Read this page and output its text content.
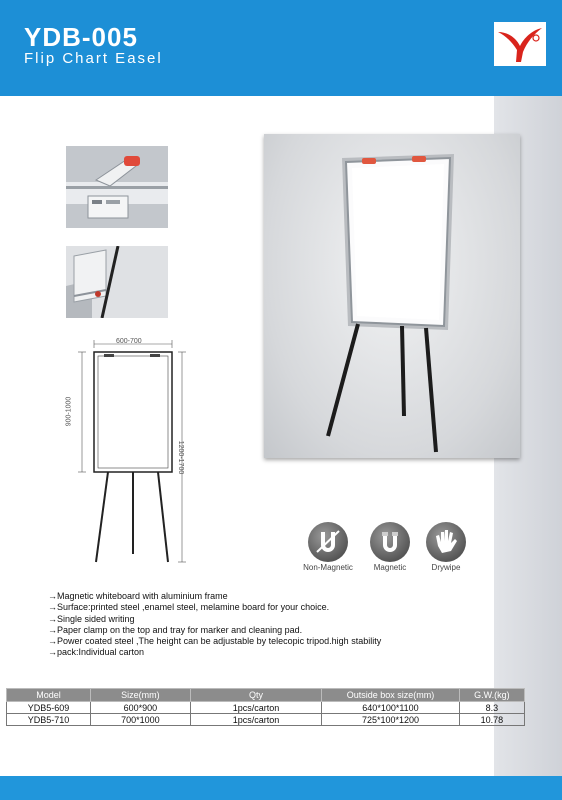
YDB-005
Flip Chart Easel
600-700
900-1000
1200-1700
Non-Magnetic	Magnetic	Drywipe
→Magnetic whiteboard with aluminium frame
→Surface:printed steel ,enamel steel, melamine board for your choice.
→Single sided writing
→Paper clamp on the top and tray for marker and cleaning pad.
→Power coated steel ,The height can be adjustable by telecopic tripod.high stability
→pack:Individual carton
Model	Size(mm)	Qty	Outside box size(mm)	G.W.(kg)
YDB5-609	600*900	1pcs/carton	640*100*1100	8.3
YDB5-710	700*1000	1pcs/carton	725*100*1200	10.78
